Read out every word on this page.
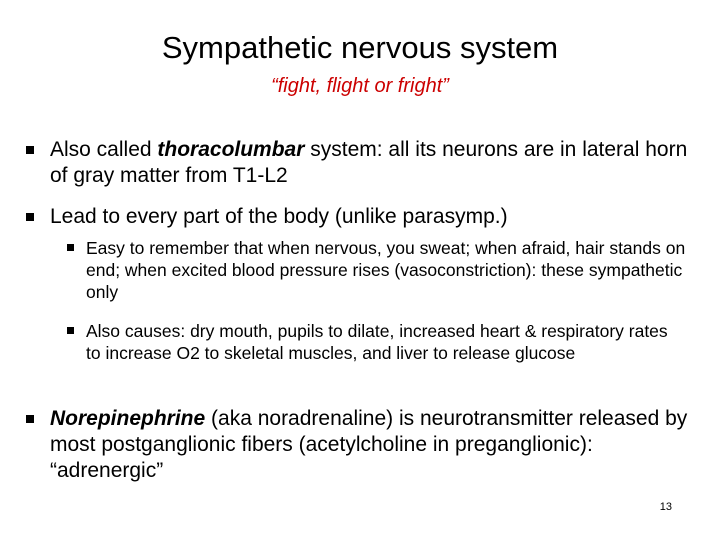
Sympathetic nervous system
“fight, flight or fright”
Also called thoracolumbar system: all its neurons are in lateral horn of gray matter from T1-L2
Lead to every part of the body (unlike parasymp.)
Easy to remember that when nervous, you sweat; when afraid, hair stands on end; when excited blood pressure rises (vasoconstriction): these sympathetic only
Also causes: dry mouth, pupils to dilate, increased heart & respiratory rates to increase O2 to skeletal muscles, and liver to release glucose
Norepinephrine (aka noradrenaline) is neurotransmitter released by most postganglionic fibers (acetylcholine in preganglionic): “adrenergic”
13
